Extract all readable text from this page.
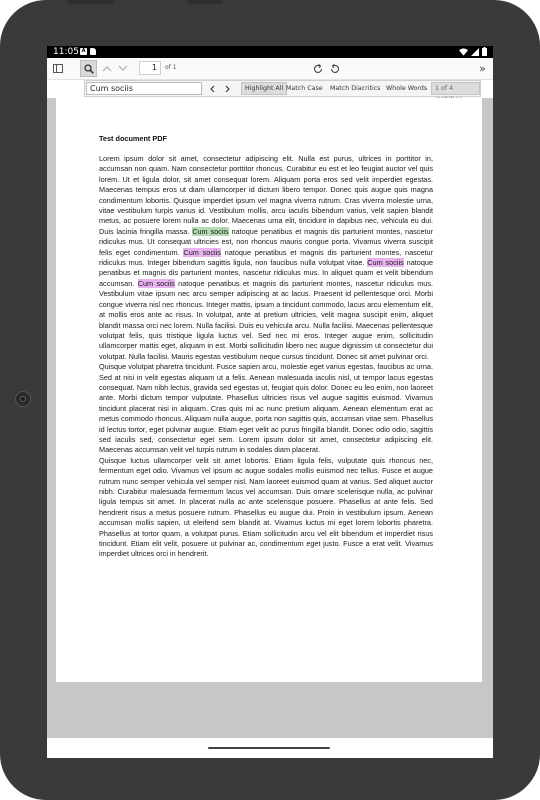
11:05 A
1	of 1	»
Cum sociis	Highlight All Match Case	Match Diacritics Whole Words	1 of 4
Test document PDF
Lorem ipsum dolor sit amet, consectetur adipiscing elit. Nulla est purus, ultrices in porttitor in, accumsan non quam. Nam consectetur porttitor rhoncus. Curabitur eu est et leo feugiat auctor vel quis lorem. Ut et ligula dolor, sit amet consequat lorem. Aliquam porta eros sed velit imperdiet egestas. Maecenas tempus eros ut diam ullamcorper id dictum libero tempor. Donec quis augue quis magna condimentum lobortis. Quisque imperdiet ipsum vel magna viverra rutrum. Cras viverra molestie urna, vitae vestibulum turpis varius id. Vestibulum mollis, arcu iaculis bibendum varius, velit sapien blandit metus, ac posuere lorem nulla ac dolor. Maecenas urna elit, tincidunt in dapibus nec, vehicula eu dui. Duis lacinia fringilla massa. Cum sociis natoque penatibus et magnis dis parturient montes, nascetur ridiculus mus. Ut consequat ultricies est, non rhoncus mauris congue porta. Vivamus viverra suscipit felis eget condimentum. Cum sociis natoque penatibus et magnis dis parturient montes, nascetur ridiculus mus. Integer bibendum sagittis ligula, non faucibus nulla volutpat vitae. Cum sociis natoque penatibus et magnis dis parturient montes, nascetur ridiculus mus. In aliquet quam et velit bibendum accumsan. Cum sociis natoque penatibus et magnis dis parturient montes, nascetur ridiculus mus. Vestibulum vitae ipsum nec arcu semper adipiscing at ac lacus. Praesent id pellentesque orci. Morbi congue viverra nisl nec rhoncus. Integer mattis, ipsum a tincidunt commodo, lacus arcu elementum elit, at mollis eros ante ac risus. In volutpat, ante at pretium ultricies, velit magna suscipit enim, aliquet blandit massa orci nec lorem. Nulla facilisi. Duis eu vehicula arcu. Nulla facilisi. Maecenas pellentesque volutpat felis, quis tristique ligula luctus vel. Sed nec mi eros. Integer augue enim, sollicitudin ullamcorper mattis eget, aliquam in est. Morbi sollicitudin libero nec augue dignissim ut consectetur dui volutpat. Nulla facilisi. Mauris egestas vestibulum neque cursus tincidunt. Donec sit amet pulvinar orci.
Quisque volutpat pharetra tincidunt. Fusce sapien arcu, molestie eget varius egestas, faucibus ac urna. Sed at nisi in velit egestas aliquam ut a felis. Aenean malesuada iaculis nisl, ut tempor lacus egestas consequat. Nam nibh lectus, gravida sed egestas ut, feugiat quis dolor. Donec eu leo enim, non laoreet ante. Morbi dictum tempor vulputate. Phasellus ultricies risus vel augue sagittis euismod. Vivamus tincidunt placerat nisi in aliquam. Cras quis mi ac nunc pretium aliquam. Aenean elementum erat ac metus commodo rhoncus. Aliquam nulla augue, porta non sagittis quis, accumsan vitae sem. Phasellus id lectus tortor, eget pulvinar augue. Etiam eget velit ac purus fringilla blandit. Donec odio odio, sagittis sed iaculis sed, consectetur eget sem. Lorem ipsum dolor sit amet, consectetur adipiscing elit. Maecenas accumsan velit vel turpis rutrum in sodales diam placerat.
Quisque luctus ullamcorper velit sit amet lobortis. Etiam ligula felis, vulputate quis rhoncus nec, fermentum eget odio. Vivamus vel ipsum ac augue sodales mollis euismod nec tellus. Fusce et augue rutrum nunc semper vehicula vel semper nisl. Nam laoreet euismod quam at varius. Sed aliquet auctor nibh. Curabitur malesuada fermentum lacus vel accumsan. Duis ornare scelerisque nulla, ac pulvinar ligula tempus sit amet. In placerat nulla ac ante scelerisque posuere. Phasellus at ante felis. Sed hendrerit risus a metus posuere rutrum. Phasellus eu augue dui. Proin in vestibulum ipsum. Aenean accumsan mollis sapien, ut eleifend sem blandit at. Vivamus luctus mi eget lorem lobortis pharetra. Phasellus at tortor quam, a volutpat purus. Etiam sollicitudin arcu vel elit bibendum et imperdiet risus tincidunt. Etiam elit velit, posuere ut pulvinar ac, condimentum eget justo. Fusce a erat velit. Vivamus imperdiet ultrices orci in hendrerit.
